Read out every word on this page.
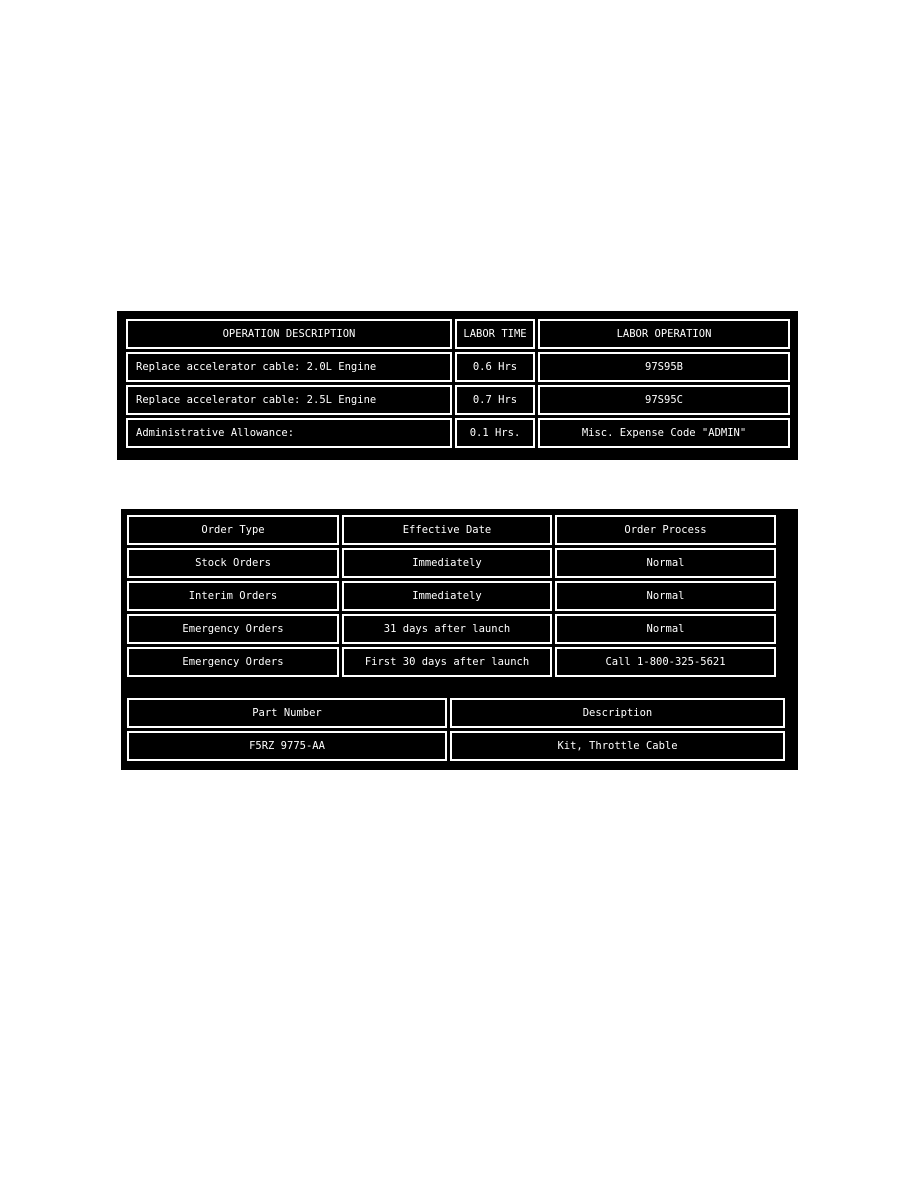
OPERATION DESCRIPTION	LABOR TIME	LABOR OPERATION
Replace accelerator cable: 2.0L Engine	0.6 Hrs	97S95B
Replace accelerator cable: 2.5L Engine	0.7 Hrs	97S95C
Administrative Allowance:	0.1 Hrs.	Misc. Expense Code "ADMIN"
Order Type	Effective Date	Order Process
Stock Orders	Immediately	Normal
Interim Orders	Immediately	Normal
Emergency Orders	31 days after launch	Normal
Emergency Orders	First 30 days after launch	Call 1-800-325-5621
Part Number	Description
F5RZ 9775-AA	Kit, Throttle Cable
